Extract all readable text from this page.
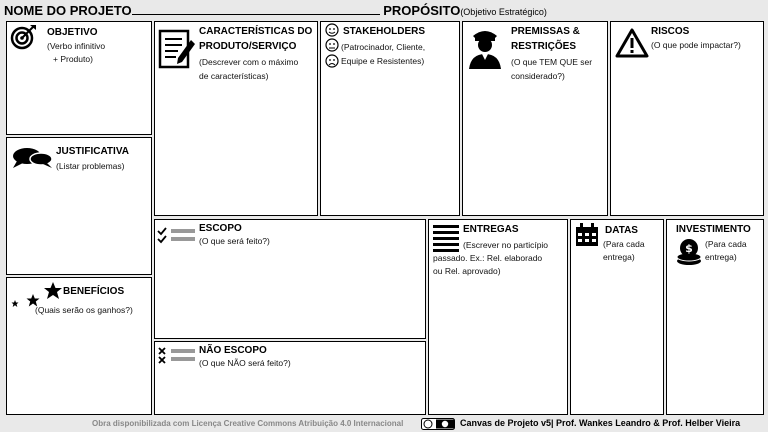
NOME DO PROJETO	PROPÓSITO(Objetivo Estratégico)
OBJETIVO
(Verbo infinitivo
+ Produto)
JUSTIFICATIVA
(Listar problemas)
BENEFÍCIOS
(Quais serão os ganhos?)
CARACTERÍSTICAS DO
PRODUTO/SERVIÇO
(Descrever com o máximo
de características)
STAKEHOLDERS
(Patrocinador, Cliente,
Equipe e Resistentes)
PREMISSAS &
RESTRIÇÕES
(O que TEM QUE ser
considerado?)
RISCOS
(O que pode impactar?)
ESCOPO
(O que será feito?)
NÃO ESCOPO
(O que NÃO será feito?)
ENTREGAS
(Escrever no particípio
passado. Ex.: Rel. elaborado
ou Rel. aprovado)
DATAS
(Para cada
entrega)
INVESTIMENTO
$ (Para cada
entrega)
Obra disponibilizada com Licença Creative Commons Atribuição 4.0 Internacional	Canvas de Projeto v5| Prof. Wankes Leandro & Prof. Helber Vieira
